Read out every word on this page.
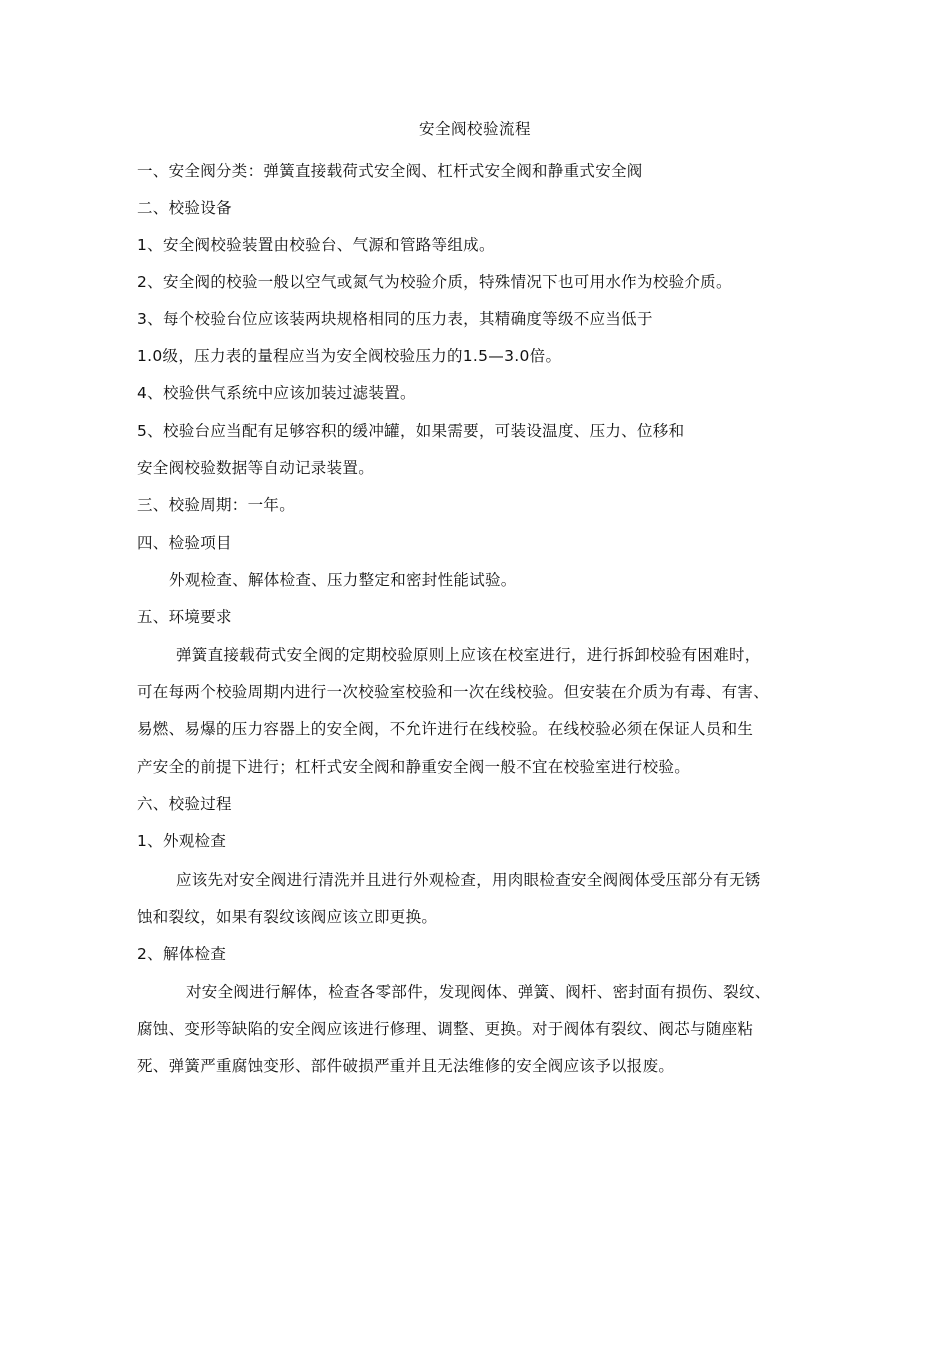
安全阀校验流程
一、安全阀分类：弹簧直接载荷式安全阀、杠杆式安全阀和静重式安全阀
二、校验设备
1、安全阀校验装置由校验台、气源和管路等组成。
2、安全阀的校验一般以空气或氮气为校验介质，特殊情况下也可用水作为校验介质。
3、每个校验台位应该装两块规格相同的压力表，其精确度等级不应当低于
1.0级，压力表的量程应当为安全阀校验压力的1.5—3.0倍。
4、校验供气系统中应该加装过滤装置。
5、校验台应当配有足够容积的缓冲罐，如果需要，可装设温度、压力、位移和
安全阀校验数据等自动记录装置。
三、校验周期：一年。
四、检验项目
外观检查、解体检查、压力整定和密封性能试验。
五、环境要求
弹簧直接载荷式安全阀的定期校验原则上应该在校室进行，进行拆卸校验有困难时，
可在每两个校验周期内进行一次校验室校验和一次在线校验。但安装在介质为有毒、有害、
易燃、易爆的压力容器上的安全阀，不允许进行在线校验。在线校验必须在保证人员和生
产安全的前提下进行；杠杆式安全阀和静重安全阀一般不宜在校验室进行校验。
六、校验过程
1、外观检查
应该先对安全阀进行清洗并且进行外观检查，用肉眼检查安全阀阀体受压部分有无锈
蚀和裂纹，如果有裂纹该阀应该立即更换。
2、解体检查
对安全阀进行解体，检查各零部件，发现阀体、弹簧、阀杆、密封面有损伤、裂纹、
腐蚀、变形等缺陷的安全阀应该进行修理、调整、更换。对于阀体有裂纹、阀芯与随座粘
死、弹簧严重腐蚀变形、部件破损严重并且无法维修的安全阀应该予以报废。
